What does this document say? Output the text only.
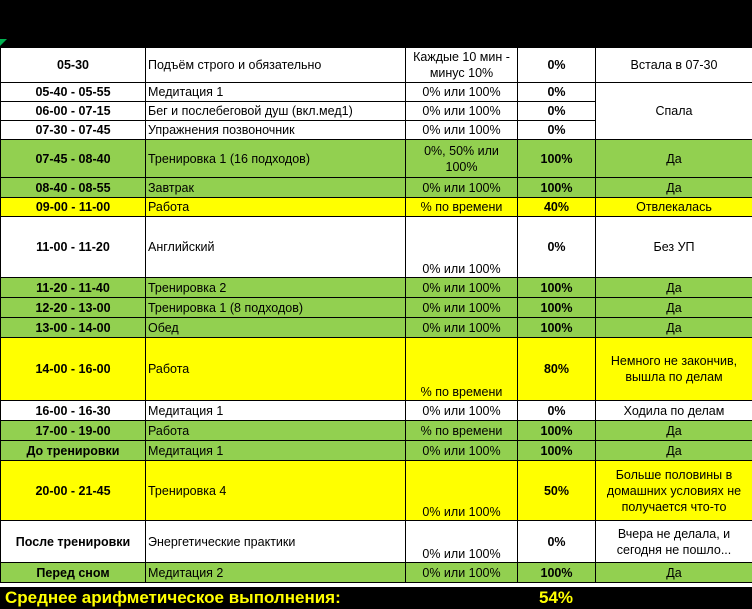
Привязка ко времени	Дела	Критерии оценки	ФАКТ	Примечания и оправдания
05-30	Подъём строго и обязательно	Каждые 10 мин - минус 10%	0%	Встала в 07-30
05-40 - 05-55	Медитация 1	0% или 100%	0%	Спала
06-00 - 07-15	Бег и послебеговой душ (вкл.мед1)	0% или 100%	0%	
07-30 - 07-45	Упражнения позвоночник	0% или 100%	0%	
07-45 - 08-40	Тренировка 1 (16 подходов)	0%, 50% или 100%	100%	Да
08-40 - 08-55	Завтрак	0% или 100%	100%	Да
09-00 - 11-00	Работа	% по времени	40%	Отвлекалась
11-00 - 11-20	Английский	0% или 100%	0%	Без УП
11-20 - 11-40	Тренировка 2	0% или 100%	100%	Да
12-20 - 13-00	Тренировка 1 (8 подходов)	0% или 100%	100%	Да
13-00 - 14-00	Обед	0% или 100%	100%	Да
14-00 - 16-00	Работа	% по времени	80%	Немного не закончив, вышла по делам
16-00 - 16-30	Медитация 1	0% или 100%	0%	Ходила по делам
17-00 - 19-00	Работа	% по времени	100%	Да
До тренировки	Медитация 1	0% или 100%	100%	Да
20-00 - 21-45	Тренировка 4	0% или 100%	50%	Больше половины в домашних условиях не получается что-то
После тренировки	Энергетические практики	0% или 100%	0%	Вчера не делала, и сегодня не пошло...
Перед сном	Медитация 2	0% или 100%	100%	Да
Среднее арифметическое выполнения:	54%
